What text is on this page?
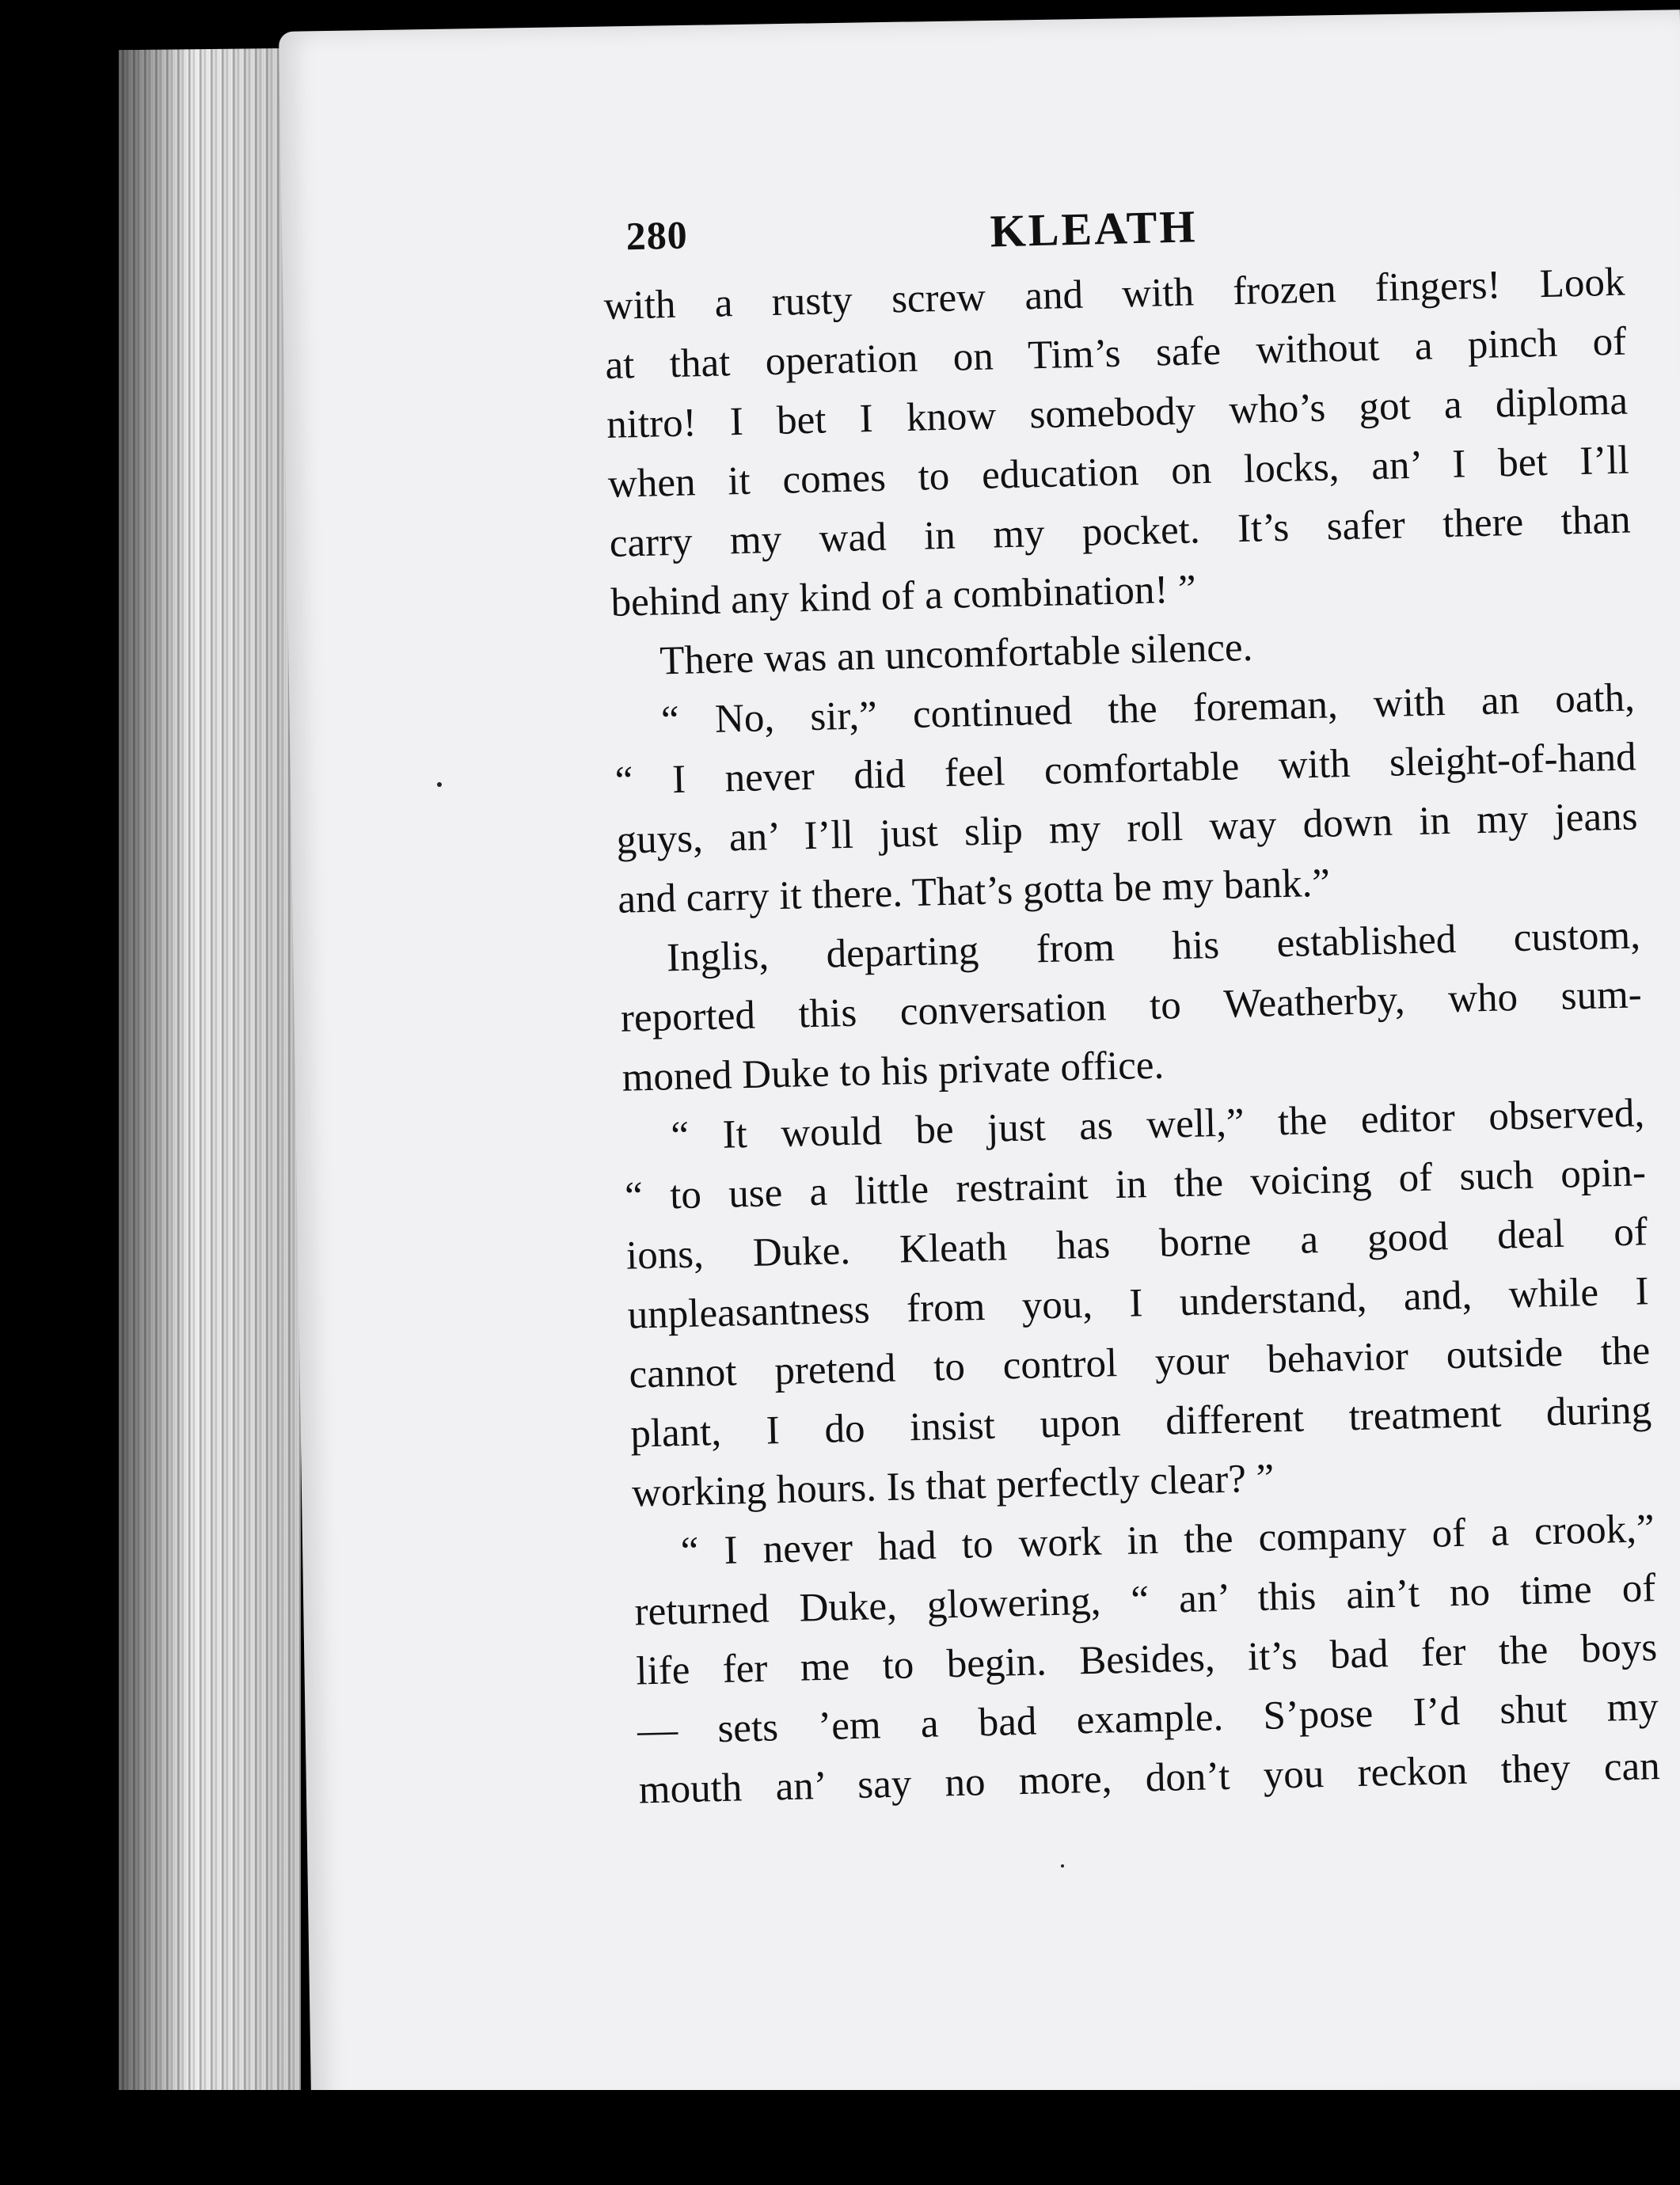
280	KLEATH
with a rusty screw and with frozen fingers! Look
at that operation on Tim’s safe without a pinch of
nitro! I bet I know somebody who’s got a diploma
when it comes to education on locks, an’ I bet I’ll
carry my wad in my pocket. It’s safer there than
behind any kind of a combination! ”
There was an uncomfortable silence.
“ No, sir,” continued the foreman, with an oath,
“ I never did feel comfortable with sleight-of-hand
guys, an’ I’ll just slip my roll way down in my jeans
and carry it there. That’s gotta be my bank.”
Inglis, departing from his established custom,
reported this conversation to Weatherby, who sum-
moned Duke to his private office.
“ It would be just as well,” the editor observed,
“ to use a little restraint in the voicing of such opin-
ions, Duke. Kleath has borne a good deal of
unpleasantness from you, I understand, and, while I
cannot pretend to control your behavior outside the
plant, I do insist upon different treatment during
working hours. Is that perfectly clear? ”
“ I never had to work in the company of a crook,”
returned Duke, glowering, “ an’ this ain’t no time of
life fer me to begin. Besides, it’s bad fer the boys
— sets ’em a bad example. S’pose I’d shut my
mouth an’ say no more, don’t you reckon they can
